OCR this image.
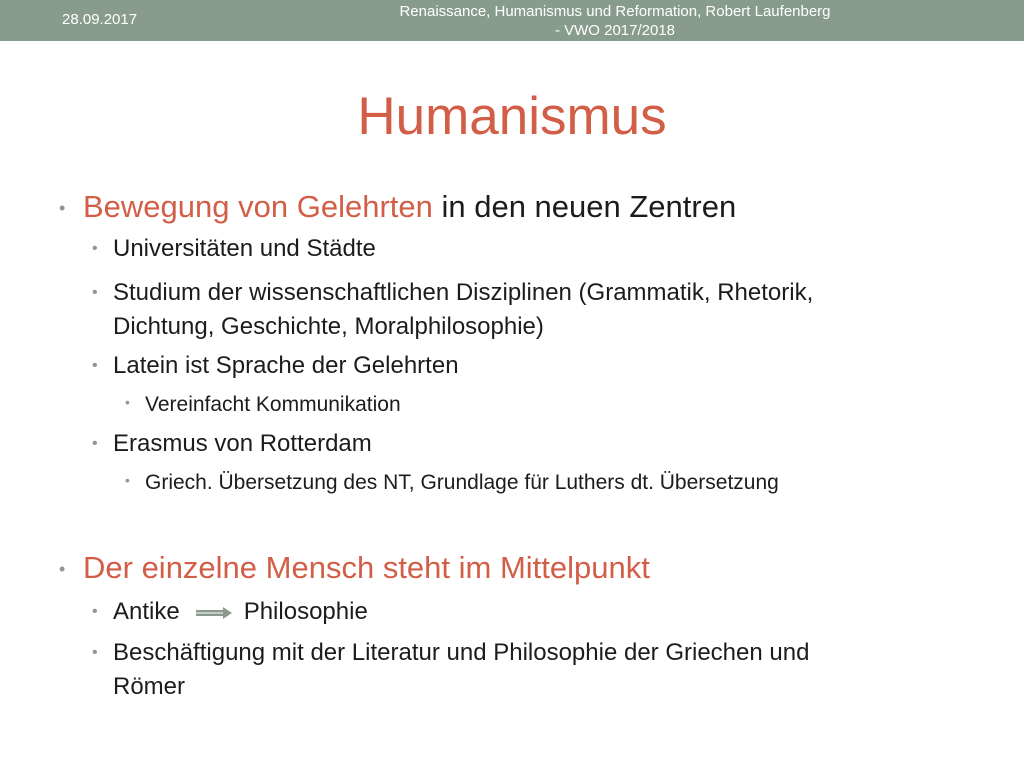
28.09.2017	Renaissance, Humanismus und Reformation, Robert Laufenberg - VWO 2017/2018
Humanismus
• Bewegung von Gelehrten in den neuen Zentren
• Universitäten und Städte
• Studium der wissenschaftlichen Disziplinen (Grammatik, Rhetorik,
Dichtung, Geschichte, Moralphilosophie)
• Latein ist Sprache der Gelehrten
• Vereinfacht Kommunikation
• Erasmus von Rotterdam
• Griech. Übersetzung des NT, Grundlage für Luthers dt. Übersetzung
• Der einzelne Mensch steht im Mittelpunkt
• Antike	Philosophie
• Beschäftigung mit der Literatur und Philosophie der Griechen und
Römer
